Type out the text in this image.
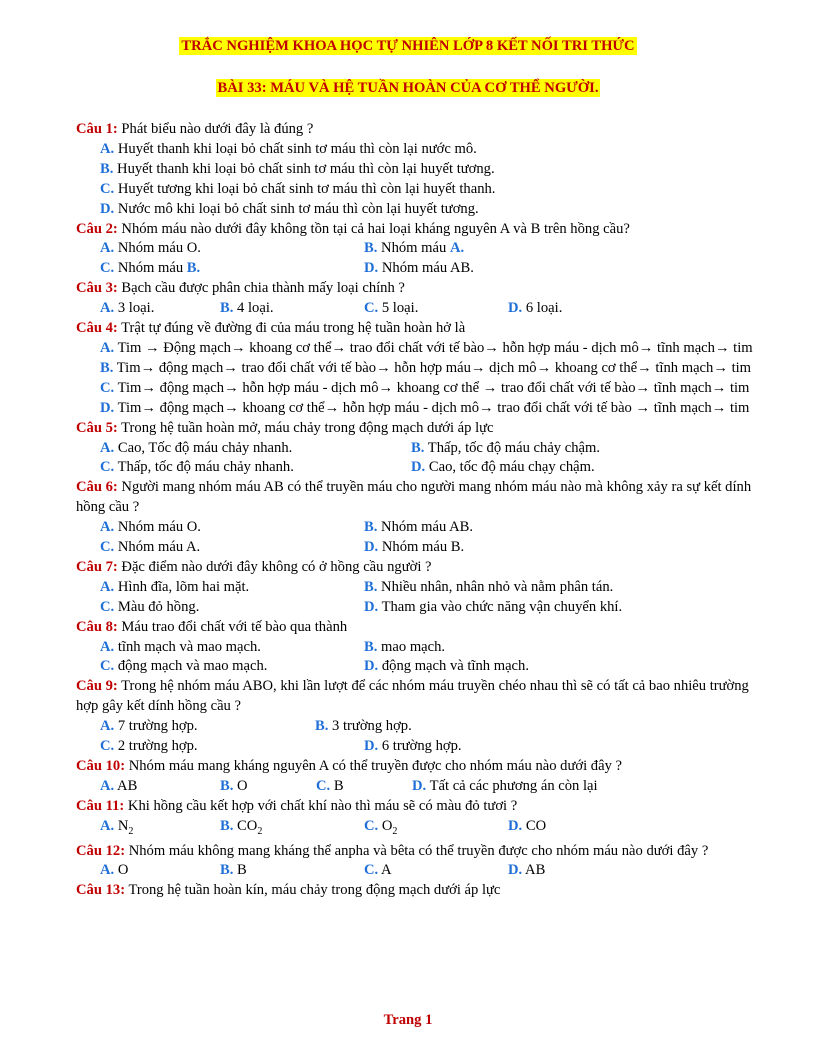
TRẮC NGHIỆM KHOA HỌC TỰ NHIÊN LỚP 8 KẾT NỐI TRI THỨC
BÀI 33: MÁU VÀ HỆ TUẦN HOÀN CỦA CƠ THỂ NGƯỜI.

Câu 1: Phát biểu nào dưới đây là đúng ?

A. Huyết thanh khi loại bỏ chất sinh tơ máu thì còn lại nước mô.

B. Huyết thanh khi loại bỏ chất sinh tơ máu thì còn lại huyết tương.

C. Huyết tương khi loại bỏ chất sinh tơ máu thì còn lại huyết thanh.

D. Nước mô khi loại bỏ chất sinh tơ máu thì còn lại huyết tương.

Câu 2: Nhóm máu nào dưới đây không tồn tại cả hai loại kháng nguyên A và B trên hồng cầu?

A. Nhóm máu O.	B. Nhóm máu A.
C. Nhóm máu B.	D. Nhóm máu AB.

Câu 3: Bạch cầu được phân chia thành mấy loại chính ?

A. 3 loại.	B. 4 loại.	C. 5 loại.	D. 6 loại.

Câu 4: Trật tự đúng về đường đi của máu trong hệ tuần hoàn hở là

A. Tim → Động mạch→ khoang cơ thể→ trao đổi chất với tế bào→ hỗn hợp máu - dịch mô→ tĩnh mạch→ tim

B. Tim→ động mạch→ trao đổi chất với tế bào→ hỗn hợp máu→ dịch mô→ khoang cơ thể→ tĩnh mạch→ tim

C. Tim→ động mạch→ hỗn hợp máu - dịch mô→ khoang cơ thể → trao đổi chất với tế bào→ tĩnh mạch→ tim

D. Tim→ động mạch→ khoang cơ thể→ hỗn hợp máu - dịch mô→ trao đổi chất với tế bào → tĩnh mạch→ tim

Câu 5: Trong hệ tuần hoàn mở, máu chảy trong động mạch dưới áp lực

A. Cao, Tốc độ máu chảy nhanh.	B. Thấp, tốc độ máu chảy chậm.
C. Thấp, tốc độ máu chảy nhanh.	D. Cao, tốc độ máu chạy chậm.

Câu 6: Người mang nhóm máu AB có thể truyền máu cho người mang nhóm máu nào mà không xảy ra sự kết dính hồng cầu ?

A. Nhóm máu O.	B. Nhóm máu AB.
C. Nhóm máu A.	D. Nhóm máu B.

Câu 7: Đặc điểm nào dưới đây không có ở hồng cầu người ?

A. Hình đĩa, lõm hai mặt.	B. Nhiều nhân, nhân nhỏ và nằm phân tán.
C. Màu đỏ hồng.	D. Tham gia vào chức năng vận chuyển khí.

Câu 8: Máu trao đổi chất với tế bào qua thành

A. tĩnh mạch và mao mạch.	B. mao mạch.
C. động mạch và mao mạch.	D. động mạch và tĩnh mạch.

Câu 9: Trong hệ nhóm máu ABO, khi lần lượt để các nhóm máu truyền chéo nhau thì sẽ có tất cả bao nhiêu trường hợp gây kết dính hồng cầu ?

A. 7 trường hợp.	B. 3 trường hợp.
C. 2 trường hợp.	D. 6 trường hợp.

Câu 10: Nhóm máu mang kháng nguyên A có thể truyền được cho nhóm máu nào dưới đây ?

A. AB	B. O	C. B	D. Tất cả các phương án còn lại

Câu 11: Khi hồng cầu kết hợp với chất khí nào thì máu sẽ có màu đỏ tươi ?

A. $N_2$	B. $CO_2$	C. $O_2$	D. CO

Câu 12: Nhóm máu không mang kháng thể anpha và bêta có thể truyền được cho nhóm máu nào dưới đây ?

A. O	B. B	C. A	D. AB

Câu 13: Trong hệ tuần hoàn kín, máu chảy trong động mạch dưới áp lực

Trang 1
